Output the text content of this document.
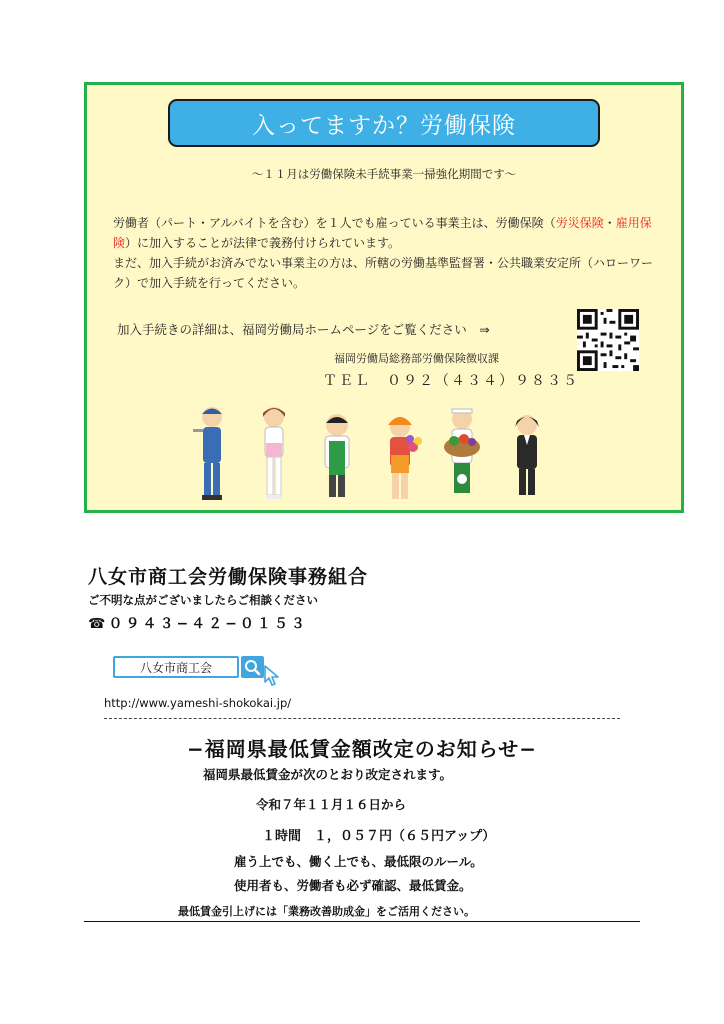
入ってますか？労働保険
〜１１月は労働保険未手続事業一掃強化期間です〜
労働者（パート・アルバイトを含む）を１人でも雇っている事業主は、労働保険（労災保険・雇用保険）に加入することが法律で義務付けられています。
まだ、加入手続がお済みでない事業主の方は、所轄の労働基準監督署・公共職業安定所（ハローワーク）で加入手続を行ってください。
加入手続きの詳細は、福岡労働局ホームページをご覧ください　⇒
福岡労働局総務部労働保険徴収課
ＴＥＬ　０９２（４３４）９８３５
八女市商工会労働保険事務組合
ご不明な点がございましたらご相談ください
☎０９４３−４２−０１５３
八女市商工会
http://www.yameshi-shokokai.jp/
−福岡県最低賃金額改定のお知らせ−
福岡県最低賃金が次のとおり改定されます。
令和７年１１月１６日から
１時間　１，０５７円（６５円アップ）
雇う上でも、働く上でも、最低限のルール。
使用者も、労働者も必ず確認、最低賃金。
最低賃金引上げには「業務改善助成金」をご活用ください。
